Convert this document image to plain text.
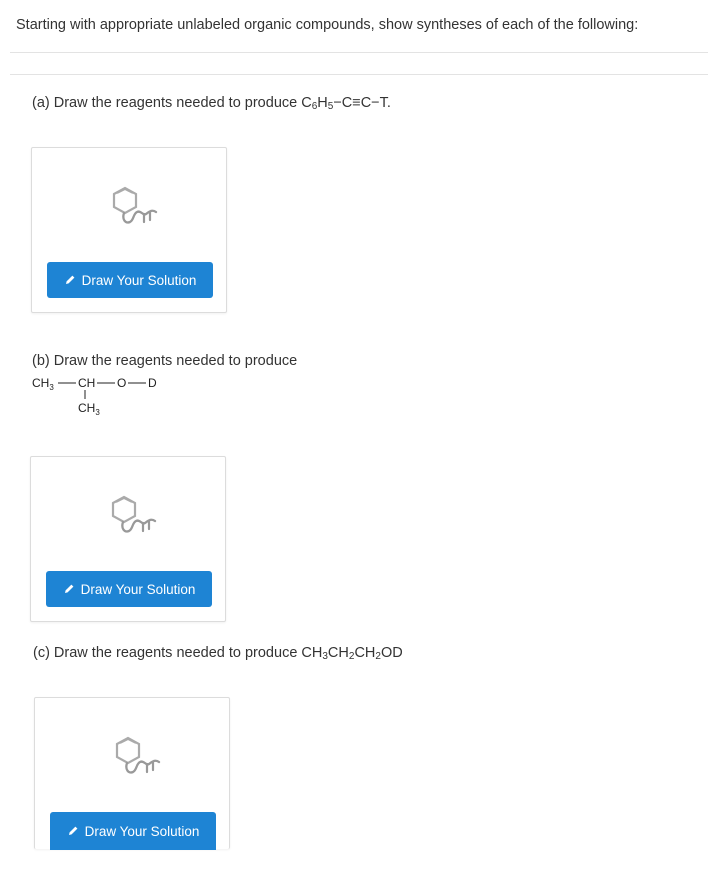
Starting with appropriate unlabeled organic compounds, show syntheses of each of the following:
(a) Draw the reagents needed to produce $C_6H_5-C\equiv C-T$.
Draw Your Solution
(b) Draw the reagents needed to produce
$CH_3$ CH O D
$CH_3$
Draw Your Solution
(c) Draw the reagents needed to produce $CH_3CH_2CH_2OD$
Draw Your Solution
